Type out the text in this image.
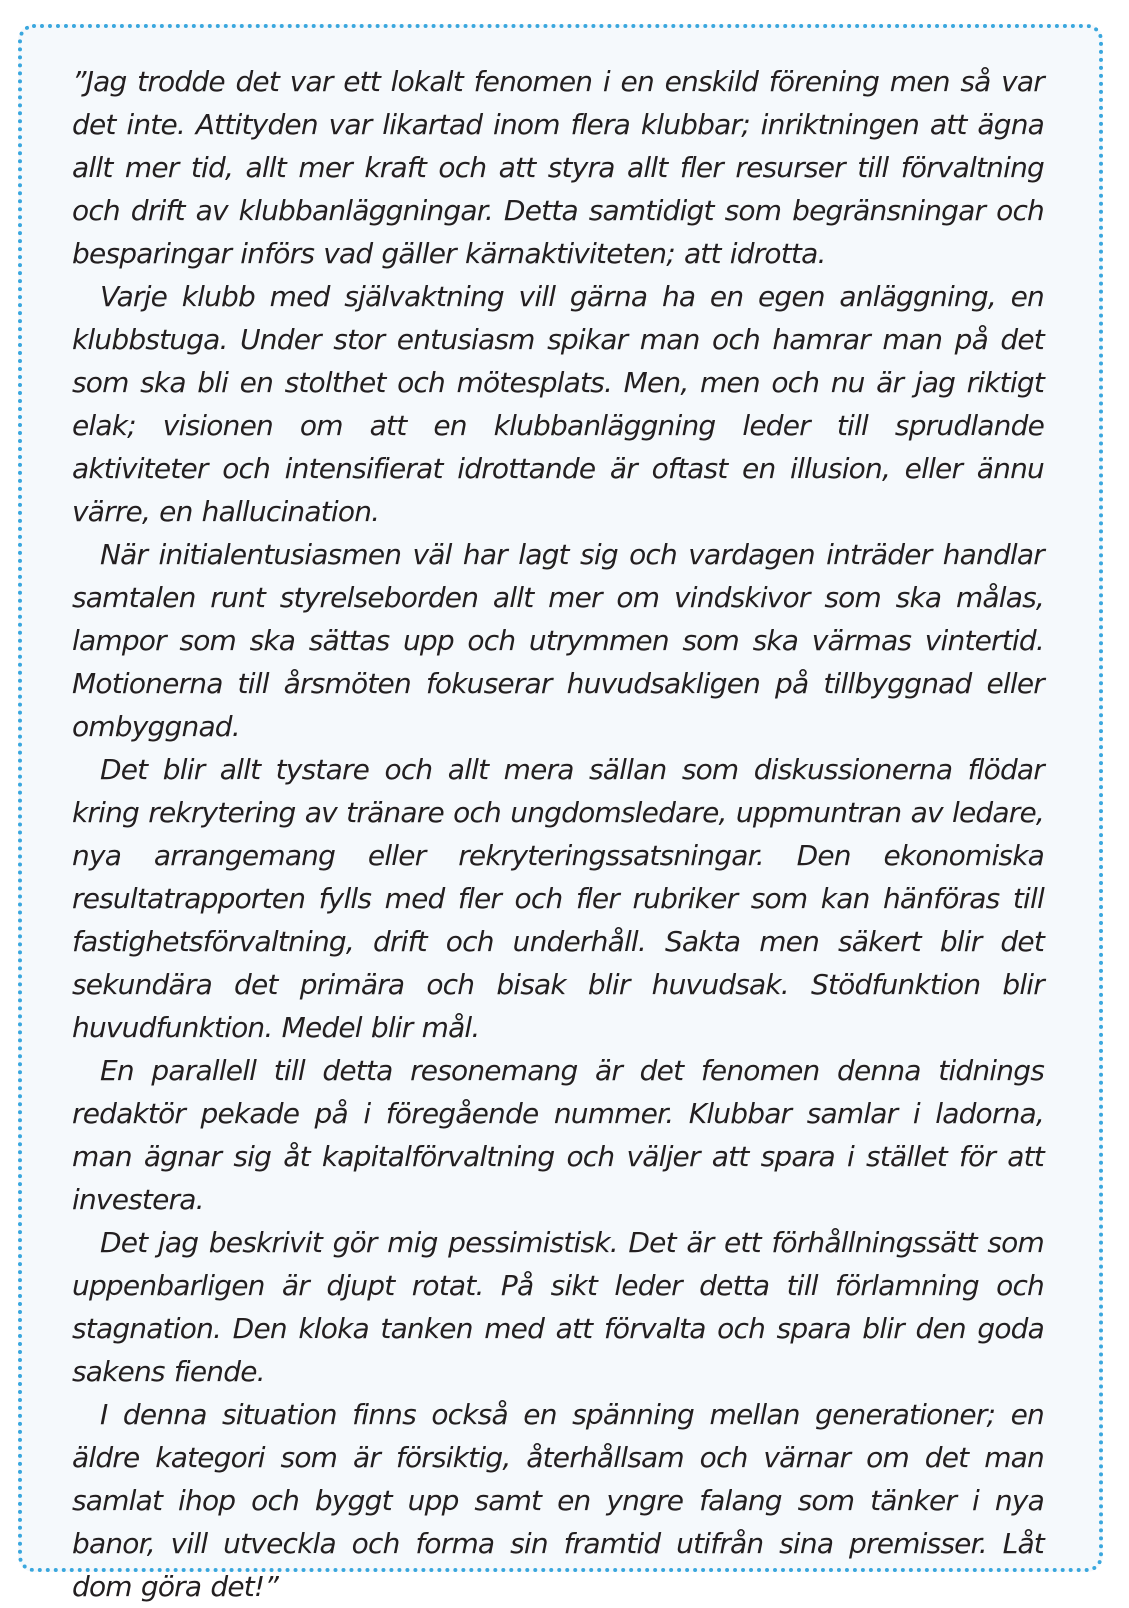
”Jag trodde det var ett lokalt fenomen i en enskild förening men så var det inte. Attityden var likartad inom flera klubbar; inriktningen att ägna allt mer tid, allt mer kraft och att styra allt fler resurser till förvaltning och drift av klubbanläggningar. Detta samtidigt som begränsningar och besparingar införs vad gäller kärnaktiviteten; att idrotta.

Varje klubb med självaktning vill gärna ha en egen anläggning, en klubbstuga. Under stor entusiasm spikar man och hamrar man på det som ska bli en stolthet och mötesplats. Men, men och nu är jag riktigt elak; visionen om att en klubbanläggning leder till sprudlande aktiviteter och intensifierat idrottande är oftast en illusion, eller ännu värre, en hallucination.

När initialentusiasmen väl har lagt sig och vardagen inträder handlar samtalen runt styrelseborden allt mer om vindskivor som ska målas, lampor som ska sättas upp och utrymmen som ska värmas vintertid. Motionerna till årsmöten fokuserar huvudsakligen på tillbyggnad eller ombyggnad.

Det blir allt tystare och allt mera sällan som diskussionerna flödar kring rekrytering av tränare och ungdomsledare, uppmuntran av ledare, nya arrangemang eller rekryteringssatsningar. Den ekonomiska resultatrapporten fylls med fler och fler rubriker som kan hänföras till fastighetsförvaltning, drift och underhåll. Sakta men säkert blir det sekundära det primära och bisak blir huvudsak. Stödfunktion blir huvudfunktion. Medel blir mål.

En parallell till detta resonemang är det fenomen denna tidnings redaktör pekade på i föregående nummer. Klubbar samlar i ladorna, man ägnar sig åt kapitalförvaltning och väljer att spara i stället för att investera.

Det jag beskrivit gör mig pessimistisk. Det är ett förhållningssätt som uppenbarligen är djupt rotat. På sikt leder detta till förlamning och stagnation. Den kloka tanken med att förvalta och spara blir den goda sakens fiende.

I denna situation finns också en spänning mellan generationer; en äldre kategori som är försiktig, återhållsam och värnar om det man samlat ihop och byggt upp samt en yngre falang som tänker i nya banor, vill utveckla och forma sin framtid utifrån sina premisser. Låt dom göra det!”
